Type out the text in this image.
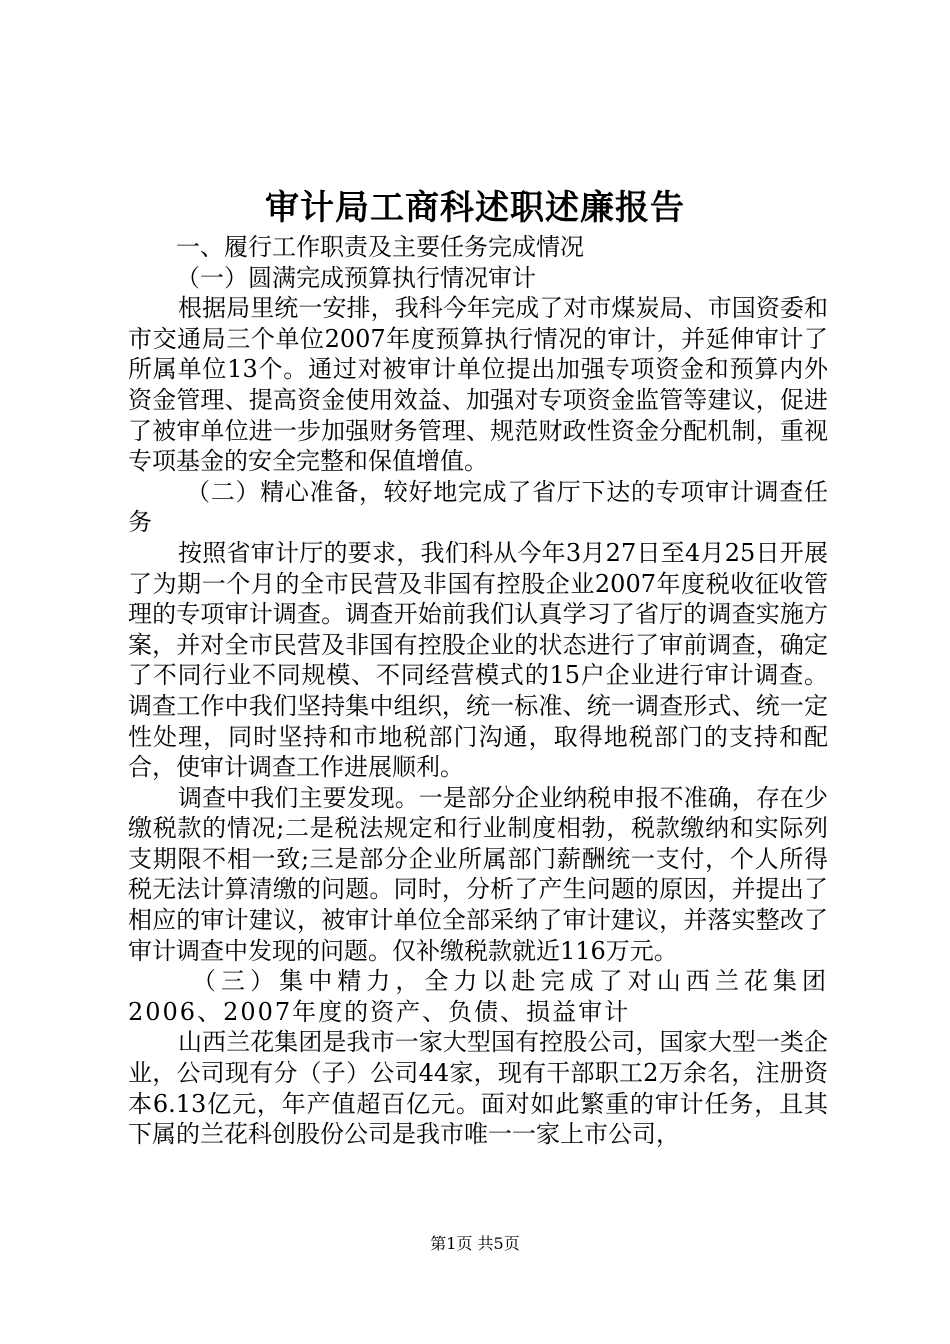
审计局工商科述职述廉报告

一、履行工作职责及主要任务完成情况

（一）圆满完成预算执行情况审计

根据局里统一安排，我科今年完成了对市煤炭局、市国资委和市交通局三个单位2007年度预算执行情况的审计，并延伸审计了所属单位13个。通过对被审计单位提出加强专项资金和预算内外资金管理、提高资金使用效益、加强对专项资金监管等建议，促进了被审单位进一步加强财务管理、规范财政性资金分配机制，重视专项基金的安全完整和保值增值。

（二）精心准备，较好地完成了省厅下达的专项审计调查任务

按照省审计厅的要求，我们科从今年3月27日至4月25日开展了为期一个月的全市民营及非国有控股企业2007年度税收征收管理的专项审计调查。调查开始前我们认真学习了省厅的调查实施方案，并对全市民营及非国有控股企业的状态进行了审前调查，确定了不同行业不同规模、不同经营模式的15户企业进行审计调查。调查工作中我们坚持集中组织，统一标准、统一调查形式、统一定性处理，同时坚持和市地税部门沟通，取得地税部门的支持和配合，使审计调查工作进展顺利。

调查中我们主要发现。一是部分企业纳税申报不准确，存在少缴税款的情况;二是税法规定和行业制度相勃，税款缴纳和实际列支期限不相一致;三是部分企业所属部门薪酬统一支付，个人所得税无法计算清缴的问题。同时，分析了产生问题的原因，并提出了相应的审计建议，被审计单位全部采纳了审计建议，并落实整改了审计调查中发现的问题。仅补缴税款就近116万元。

（三）集中精力，全力以赴完成了对山西兰花集团2006、2007年度的资产、负债、损益审计

山西兰花集团是我市一家大型国有控股公司，国家大型一类企业，公司现有分（子）公司44家，现有干部职工2万余名，注册资本6.13亿元，年产值超百亿元。面对如此繁重的审计任务，且其下属的兰花科创股份公司是我市唯一一家上市公司，

第1页 共5页
